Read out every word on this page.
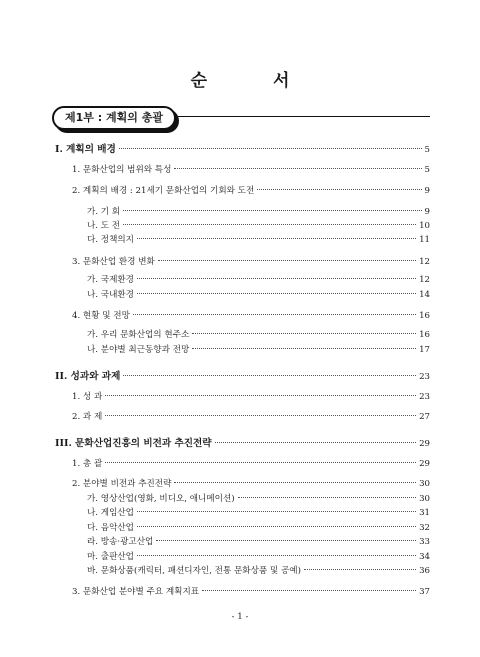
순 서
제1부 : 계획의 총괄
I. 계획의 배경	5
1. 문화산업의 범위와 특성	5
2. 계획의 배경 : 21세기 문화산업의 기회와 도전	9
가. 기 회	9
나. 도 전	10
다. 정책의지	11
3. 문화산업 환경 변화	12
가. 국제환경	12
나. 국내환경	14
4. 현황 및 전망	16
가. 우리 문화산업의 현주소	16
나. 분야별 최근동향과 전망	17
II. 성과와 과제	23
1. 성 과	23
2. 과 제	27
III. 문화산업진흥의 비전과 추진전략	29
1. 총 괄	29
2. 분야별 비전과 추진전략	30
가. 영상산업(영화, 비디오, 애니메이션)	30
나. 게임산업	31
다. 음악산업	32
라. 방송·광고산업	33
마. 출판산업	34
바. 문화상품(캐릭터, 패션디자인, 전통 문화상품 및 공예)	36
3. 문화산업 분야별 주요 계획지표	37
- 1 -
